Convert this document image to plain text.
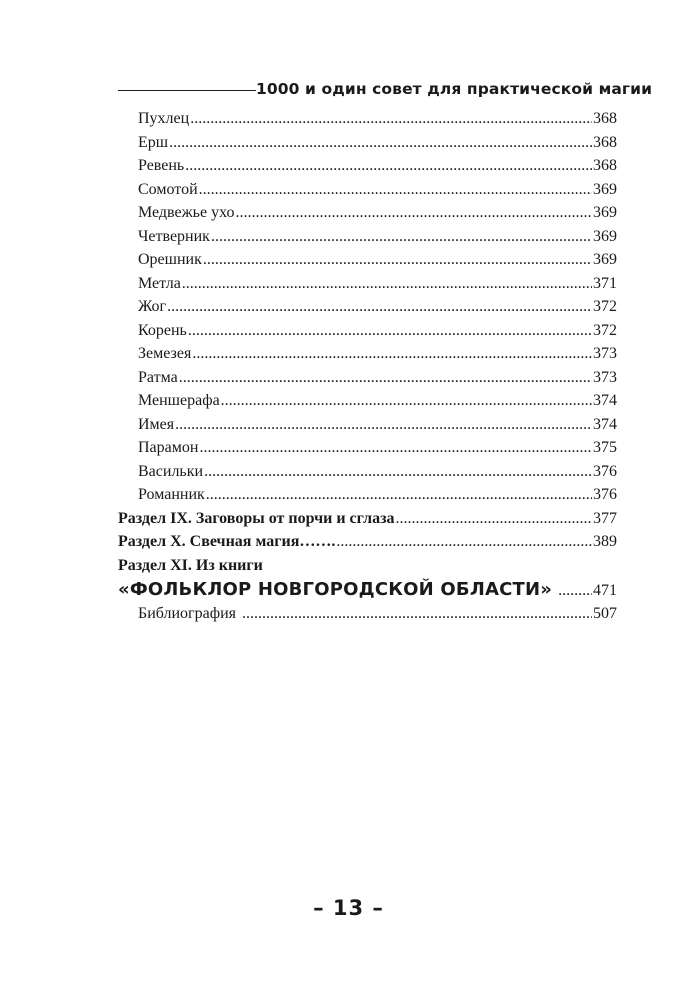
1000 и один совет для практической магии
Пухлец .....	368
Ерш .....	368
Ревень .....	368
Сомотой .....	369
Медвежье ухо .....	369
Четверник .....	369
Орешник .....	369
Метла .....	371
Жог .....	372
Корень .....	372
Земезея .....	373
Ратма .....	373
Меншерафа .....	374
Имея .....	374
Парамон .....	375
Васильки .....	376
Романник .....	376
Раздел IX. Заговоры от порчи и сглаза .....	377
Раздел X. Свечная магия……. .....	389
Раздел XI. Из книги
«ФОЛЬКЛОР НОВГОРОДСКОЙ ОБЛАСТИ» .....	471
Библиография .....	507
– 13 –
